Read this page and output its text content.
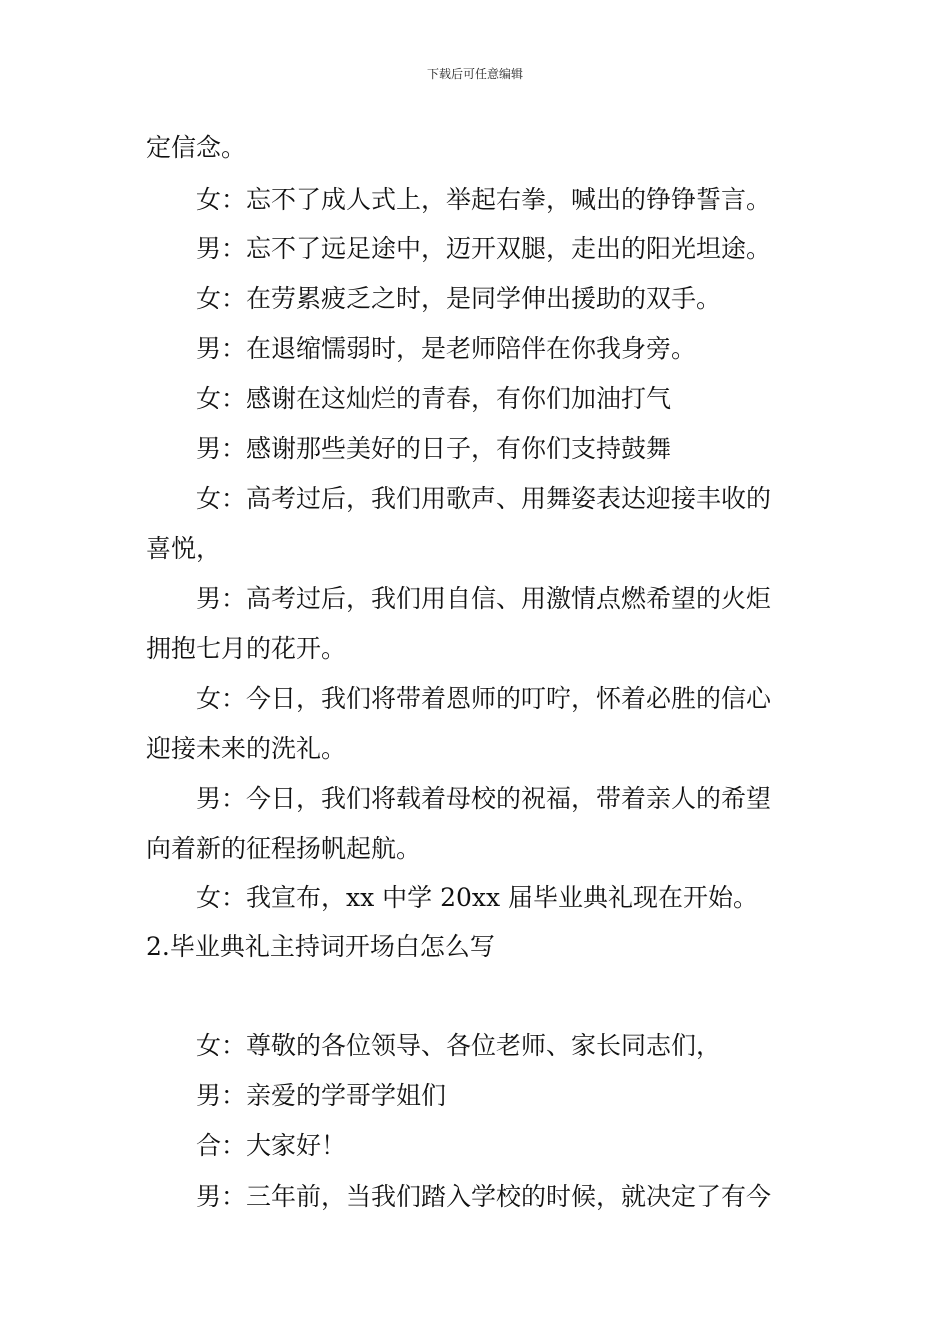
下载后可任意编辑
定信念。
女：忘不了成人式上，举起右拳，喊出的铮铮誓言。
男：忘不了远足途中，迈开双腿，走出的阳光坦途。
女：在劳累疲乏之时，是同学伸出援助的双手。
男：在退缩懦弱时，是老师陪伴在你我身旁。
女：感谢在这灿烂的青春，有你们加油打气
男：感谢那些美好的日子，有你们支持鼓舞
女：高考过后，我们用歌声、用舞姿表达迎接丰收的
喜悦，
男：高考过后，我们用自信、用激情点燃希望的火炬
拥抱七月的花开。
女：今日，我们将带着恩师的叮咛，怀着必胜的信心
迎接未来的洗礼。
男：今日，我们将载着母校的祝福，带着亲人的希望
向着新的征程扬帆起航。
女：我宣布，xx 中学 20xx 届毕业典礼现在开始。
2.毕业典礼主持词开场白怎么写
女：尊敬的各位领导、各位老师、家长同志们，
男：亲爱的学哥学姐们
合：大家好！
男：三年前，当我们踏入学校的时候，就决定了有今
